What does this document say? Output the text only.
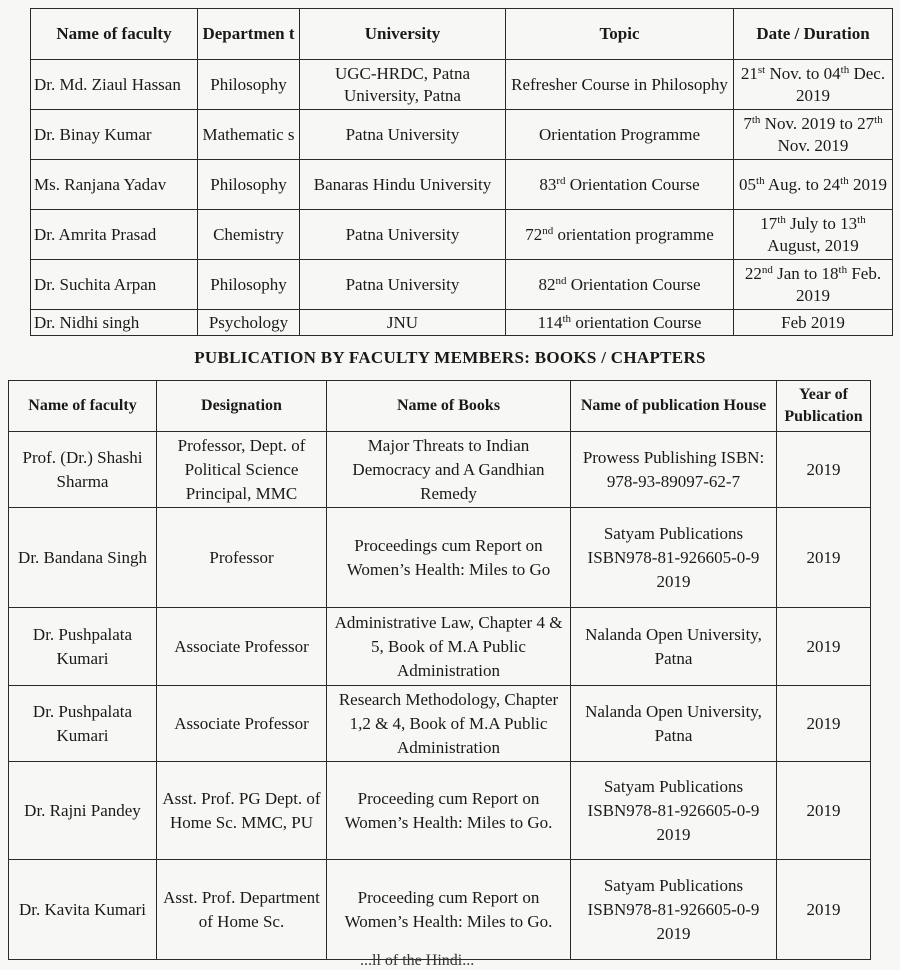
Name of faculty	Departmen t	University	Topic	Date / Duration
Dr. Md. Ziaul Hassan	Philosophy	UGC-HRDC, Patna University, Patna	Refresher Course in Philosophy	21st Nov. to 04th Dec. 2019
Dr. Binay Kumar	Mathematic s	Patna University	Orientation Programme	7th Nov. 2019 to 27th Nov. 2019
Ms. Ranjana Yadav	Philosophy	Banaras Hindu University	83rd Orientation Course	05th Aug. to 24th 2019
Dr. Amrita Prasad	Chemistry	Patna University	72nd orientation programme	17th July to 13th August, 2019
Dr. Suchita Arpan	Philosophy	Patna University	82nd Orientation Course	22nd Jan to 18th Feb. 2019
Dr. Nidhi singh	Psychology	JNU	114th orientation Course	Feb 2019
PUBLICATION BY FACULTY MEMBERS: BOOKS / CHAPTERS
Name of faculty	Designation	Name of Books	Name of publication House	Year of Publication
Prof. (Dr.) Shashi Sharma	Professor, Dept. of Political Science Principal, MMC	Major Threats to Indian Democracy and A Gandhian Remedy	Prowess Publishing ISBN: 978-93-89097-62-7	2019
Dr. Bandana Singh	Professor	Proceedings cum Report on Women’s Health: Miles to Go	Satyam Publications ISBN978-81-926605-0-9 2019	2019
Dr. Pushpalata Kumari	Associate Professor	Administrative Law, Chapter 4 & 5, Book of M.A Public Administration	Nalanda Open University, Patna	2019
Dr. Pushpalata Kumari	Associate Professor	Research Methodology, Chapter 1,2 & 4, Book of M.A Public Administration	Nalanda Open University, Patna	2019
Dr. Rajni Pandey	Asst. Prof. PG Dept. of Home Sc. MMC, PU	Proceeding cum Report on Women’s Health: Miles to Go.	Satyam Publications ISBN978-81-926605-0-9 2019	2019
Dr. Kavita Kumari	Asst. Prof. Department of Home Sc.	Proceeding cum Report on Women’s Health: Miles to Go.	Satyam Publications ISBN978-81-926605-0-9 2019	2019
...ll of the Hindi...
